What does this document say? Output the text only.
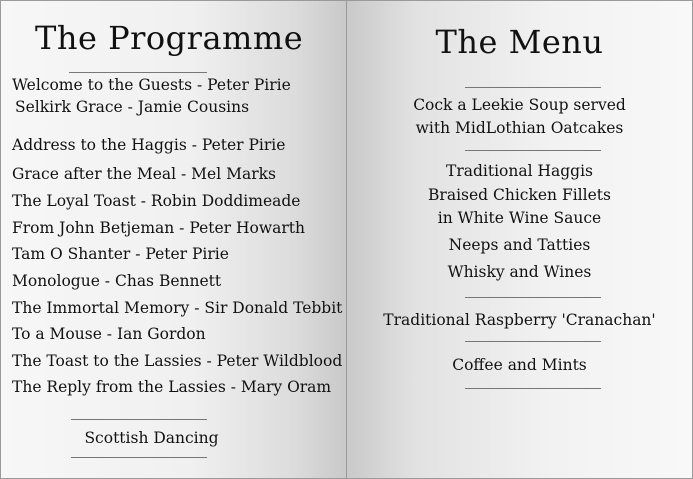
The Programme
Welcome to the Guests - Peter Pirie
Selkirk Grace - Jamie Cousins
Address to the Haggis - Peter Pirie
Grace after the Meal - Mel Marks
The Loyal Toast - Robin Doddimeade
From John Betjeman - Peter Howarth
Tam O Shanter - Peter Pirie
Monologue - Chas Bennett
The Immortal Memory - Sir Donald Tebbit
To a Mouse - Ian Gordon
The Toast to the Lassies - Peter Wildblood
The Reply from the Lassies - Mary Oram
Scottish Dancing
The Menu
Cock a Leekie Soup served
with MidLothian Oatcakes
Traditional Haggis
Braised Chicken Fillets
in White Wine Sauce
Neeps and Tatties
Whisky and Wines
Traditional Raspberry 'Cranachan'
Coffee and Mints
